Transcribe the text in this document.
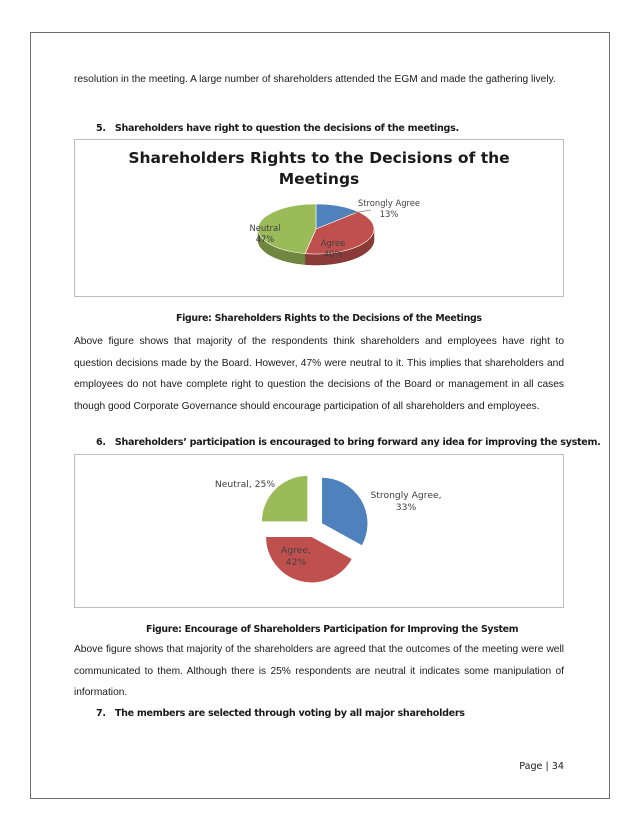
resolution in the meeting. A large number of shareholders attended the EGM and made the gathering lively.

5.   Shareholders have right to question the decisions of the meetings.

Shareholders Rights to the Decisions of the
Meetings
Strongly Agree 13%
Agree 40%
Neutral 47%

Figure: Shareholders Rights to the Decisions of the Meetings

Above figure shows that majority of the respondents think shareholders and employees have right to question decisions made by the Board. However, 47% were neutral to it. This implies that shareholders and employees do not have complete right to question the decisions of the Board or management in all cases though good Corporate Governance should encourage participation of all shareholders and employees.

6.   Shareholders’ participation is encouraged to bring forward any idea for improving the system.

Strongly Agree, 33%
Agree, 42%
Neutral, 25%

Figure: Encourage of Shareholders Participation for Improving the System

Above figure shows that majority of the shareholders are agreed that the outcomes of the meeting were well communicated to them. Although there is 25% respondents are neutral it indicates some manipulation of information.

7.   The members are selected through voting by all major shareholders

Page | 34
